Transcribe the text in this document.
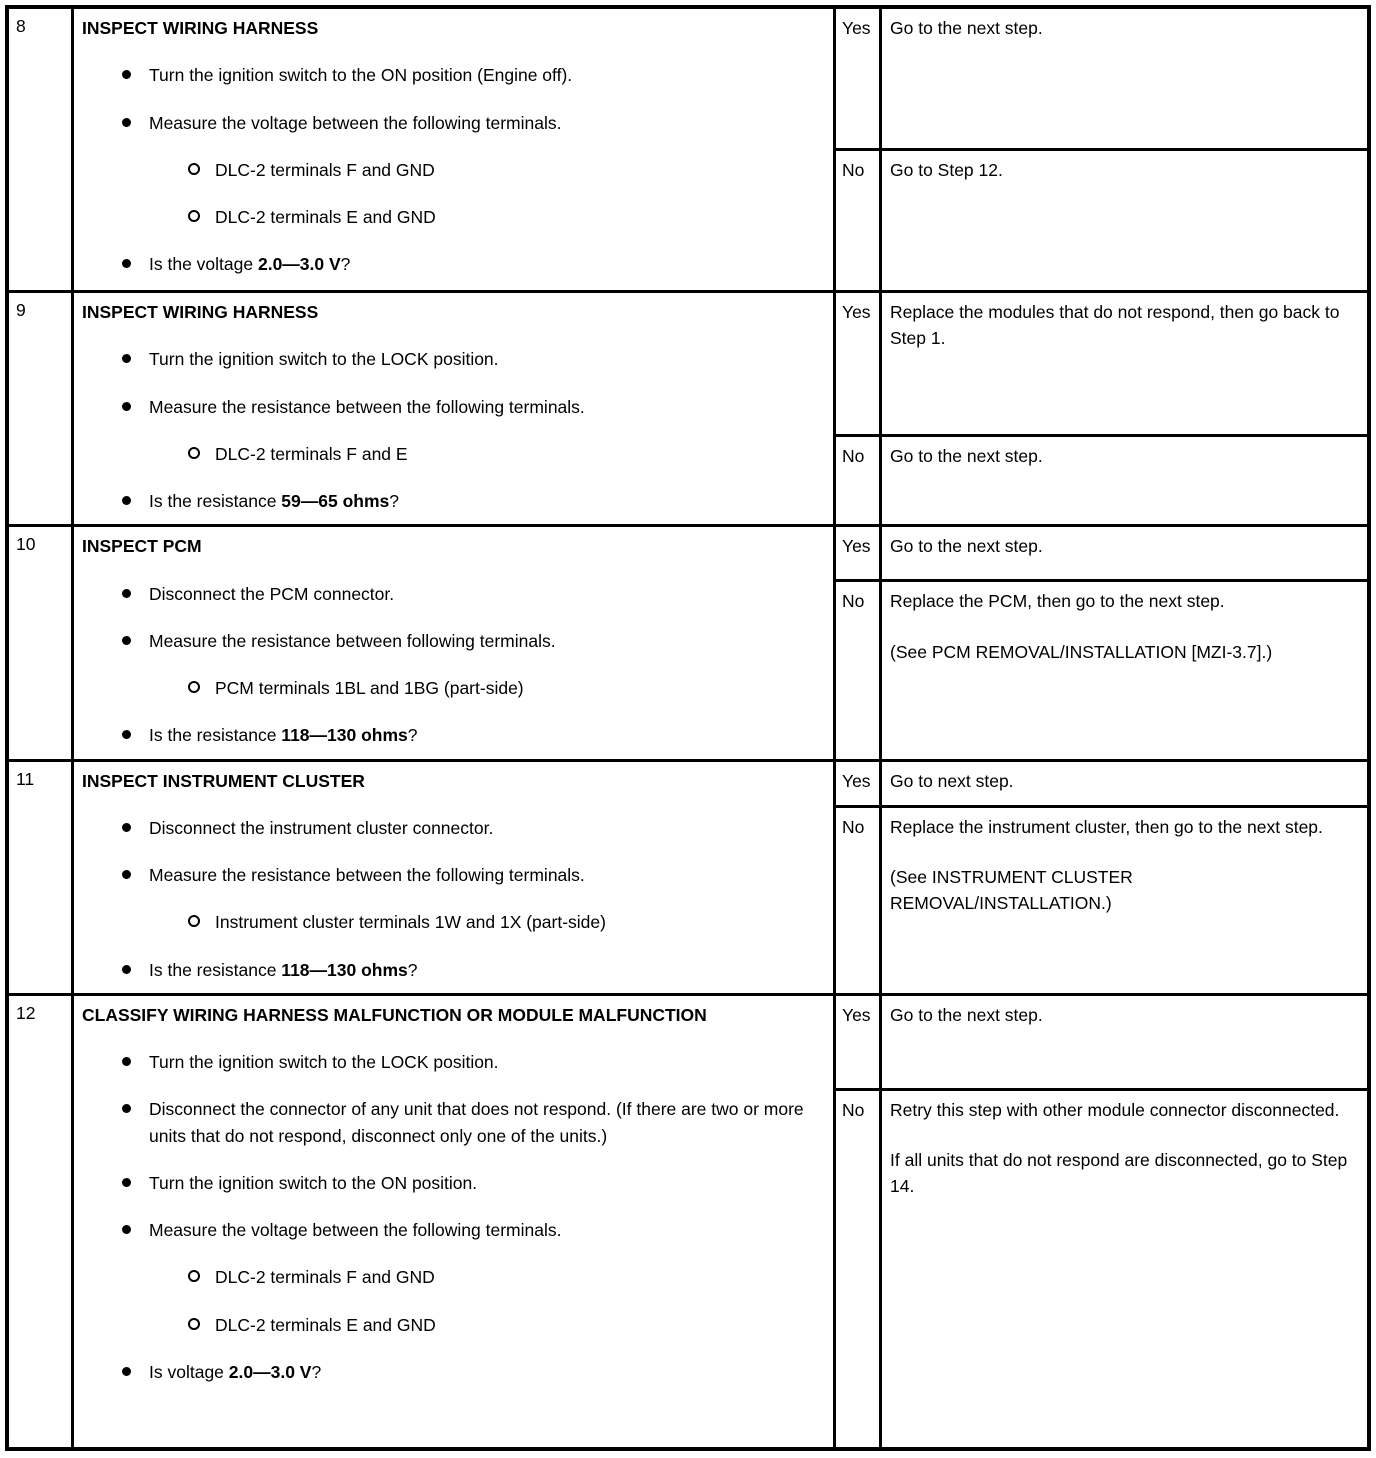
8	INSPECT WIRING HARNESS
Turn the ignition switch to the ON position (Engine off).
Measure the voltage between the following terminals.
DLC-2 terminals F and GND
DLC-2 terminals E and GND
Is the voltage 2.0—3.0 V?
Yes	Go to the next step.
No	Go to Step 12.
9	INSPECT WIRING HARNESS
Turn the ignition switch to the LOCK position.
Measure the resistance between the following terminals.
DLC-2 terminals F and E
Is the resistance 59—65 ohms?
Yes	Replace the modules that do not respond, then go back to Step 1.
No	Go to the next step.
10	INSPECT PCM
Disconnect the PCM connector.
Measure the resistance between following terminals.
PCM terminals 1BL and 1BG (part-side)
Is the resistance 118—130 ohms?
Yes	Go to the next step.
No	Replace the PCM, then go to the next step.
(See PCM REMOVAL/INSTALLATION [MZI-3.7].)
11	INSPECT INSTRUMENT CLUSTER
Disconnect the instrument cluster connector.
Measure the resistance between the following terminals.
Instrument cluster terminals 1W and 1X (part-side)
Is the resistance 118—130 ohms?
Yes	Go to next step.
No	Replace the instrument cluster, then go to the next step.
(See INSTRUMENT CLUSTER REMOVAL/INSTALLATION.)
12	CLASSIFY WIRING HARNESS MALFUNCTION OR MODULE MALFUNCTION
Turn the ignition switch to the LOCK position.
Disconnect the connector of any unit that does not respond. (If there are two or more units that do not respond, disconnect only one of the units.)
Turn the ignition switch to the ON position.
Measure the voltage between the following terminals.
DLC-2 terminals F and GND
DLC-2 terminals E and GND
Is voltage 2.0—3.0 V?
Yes	Go to the next step.
No	Retry this step with other module connector disconnected.
If all units that do not respond are disconnected, go to Step 14.
